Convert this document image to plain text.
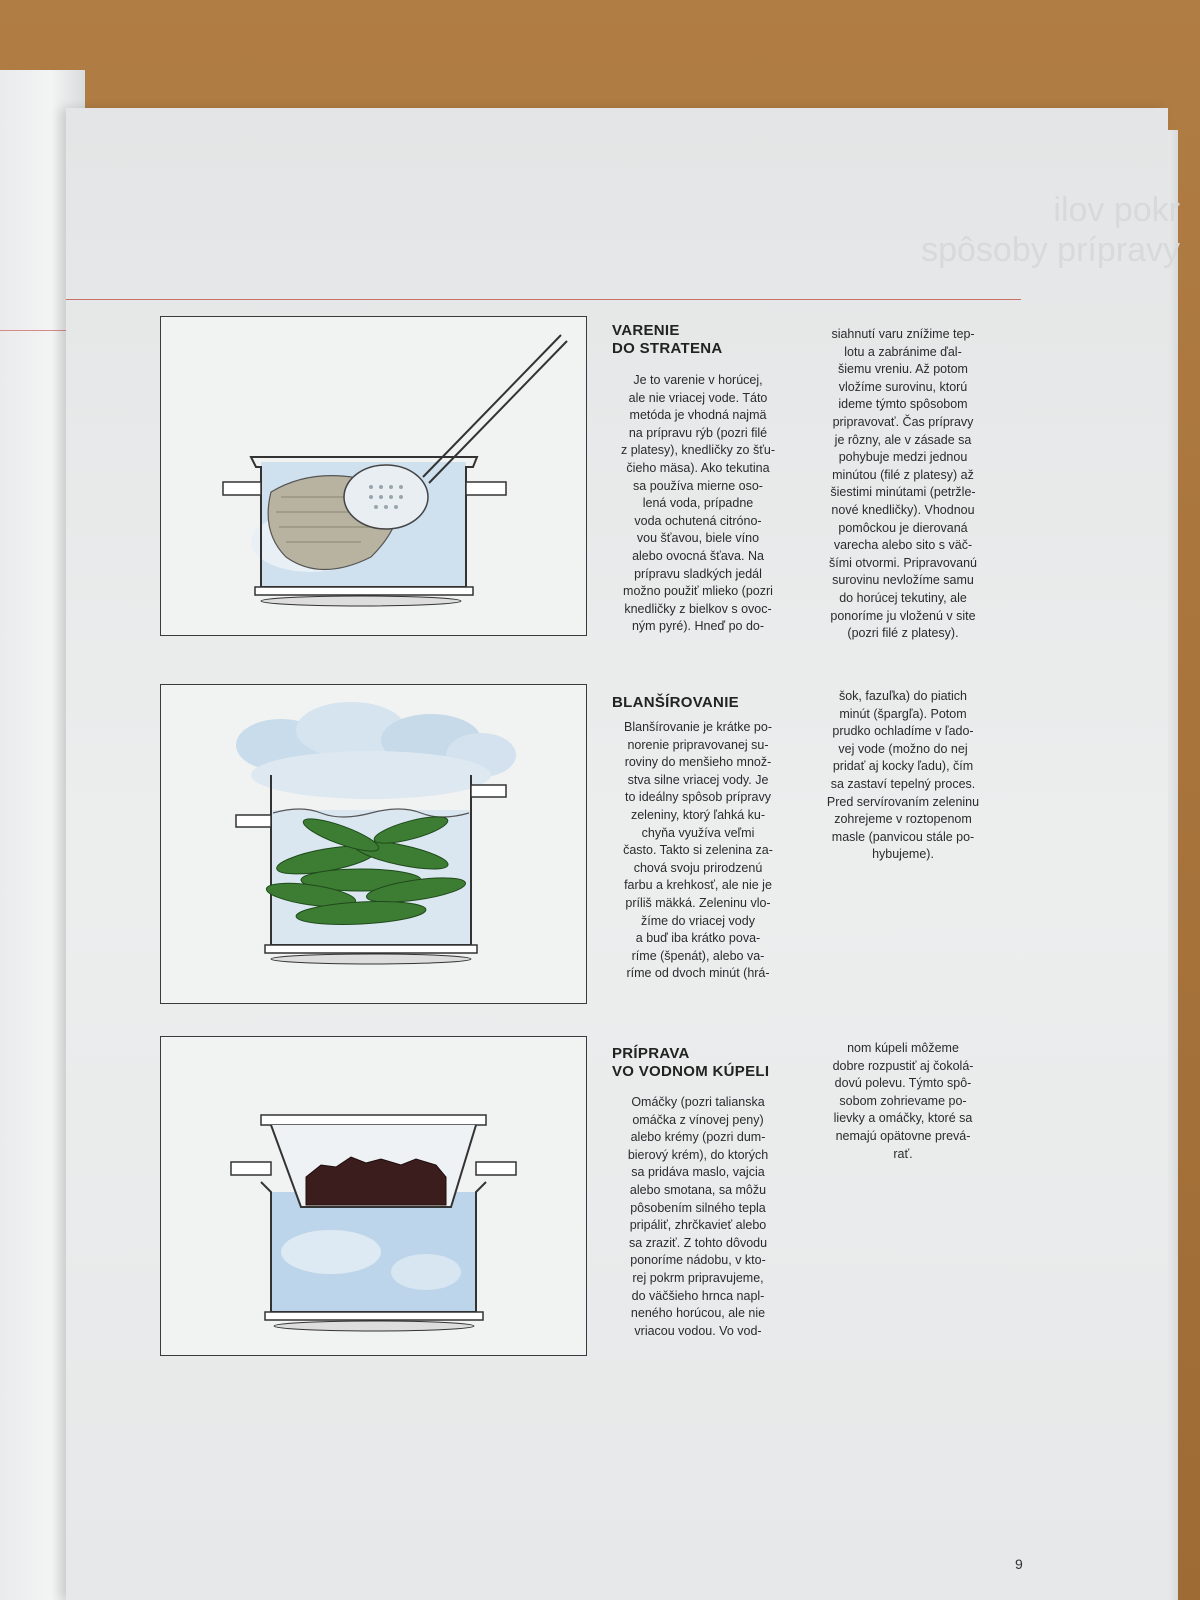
ilov pokr
spôsoby prípravy
VARENIE
DO STRATENA
Je to varenie v horúcej,
ale nie vriacej vode. Táto
metóda je vhodná najmä
na prípravu rýb (pozri filé
z platesy), knedličky zo šťu-
čieho mäsa). Ako tekutina
sa používa mierne oso-
lená voda, prípadne
voda ochutená citróno-
vou šťavou, biele víno
alebo ovocná šťava. Na
prípravu sladkých jedál
možno použiť mlieko (pozri
knedličky z bielkov s ovoc-
ným pyré). Hneď po do-
siahnutí varu znížime tep-
lotu a zabránime ďal-
šiemu vreniu. Až potom
vložíme surovinu, ktorú
ideme týmto spôsobom
pripravovať. Čas prípravy
je rôzny, ale v zásade sa
pohybuje medzi jednou
minútou (filé z platesy) až
šiestimi minútami (petržle-
nové knedličky). Vhodnou
pomôckou je dierovaná
varecha alebo sito s väč-
šími otvormi. Pripravovanú
surovinu nevložíme samu
do horúcej tekutiny, ale
ponoríme ju vloženú v site
(pozri filé z platesy).
BLANŠÍROVANIE
Blanšírovanie je krátke po-
norenie pripravovanej su-
roviny do menšieho množ-
stva silne vriacej vody. Je
to ideálny spôsob prípravy
zeleniny, ktorý ľahká ku-
chyňa využíva veľmi
často. Takto si zelenina za-
chová svoju prirodzenú
farbu a krehkosť, ale nie je
príliš mäkká. Zeleninu vlo-
žíme do vriacej vody
a buď iba krátko pova-
ríme (špenát), alebo va-
ríme od dvoch minút (hrá-
šok, fazuľka) do piatich
minút (špargľa). Potom
prudko ochladíme v ľado-
vej vode (možno do nej
pridať aj kocky ľadu), čím
sa zastaví tepelný proces.
Pred servírovaním zeleninu
zohrejeme v roztopenom
masle (panvicou stále po-
hybujeme).
PRÍPRAVA
VO VODNOM KÚPELI
Omáčky (pozri talianska
omáčka z vínovej peny)
alebo krémy (pozri dum-
bierový krém), do ktorých
sa pridáva maslo, vajcia
alebo smotana, sa môžu
pôsobením silného tepla
pripáliť, zhrčkavieť alebo
sa zraziť. Z tohto dôvodu
ponoríme nádobu, v kto-
rej pokrm pripravujeme,
do väčšieho hrnca napl-
neného horúcou, ale nie
vriacou vodou. Vo vod-
nom kúpeli môžeme
dobre rozpustiť aj čokolá-
dovú polevu. Týmto spô-
sobom zohrievame po-
lievky a omáčky, ktoré sa
nemajú opätovne prevá-
rať.
9
